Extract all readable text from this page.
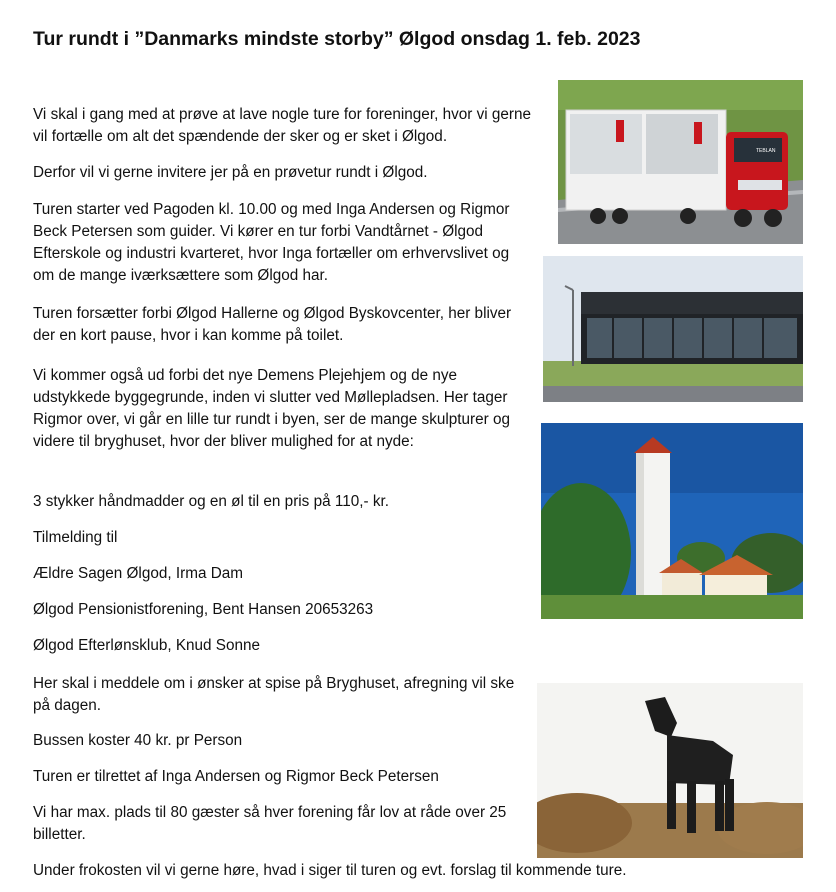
Tur rundt i ”Danmarks mindste storby” Ølgod onsdag 1. feb. 2023

Vi skal i gang med at prøve at lave nogle ture for foreninger, hvor vi gerne vil fortælle om alt det spændende der sker og er sket i Ølgod.

Derfor vil vi gerne invitere jer på en prøvetur rundt i Ølgod.

Turen starter ved Pagoden kl. 10.00 og med Inga Andersen og Rigmor Beck Petersen som guider. Vi kører en tur forbi Vandtårnet - Ølgod Efterskole og industri kvarteret, hvor Inga fortæller om erhvervslivet og om de mange iværksættere som Ølgod har.

Turen forsætter forbi Ølgod Hallerne og Ølgod Byskovcenter, her bliver der en kort pause, hvor i kan komme på toilet.

Vi kommer også ud forbi det nye Demens Plejehjem og de nye udstykkede byggegrunde, inden vi slutter ved Møllepladsen. Her tager Rigmor over, vi går en lille tur rundt i byen, ser de mange skulpturer og videre til bryghuset, hvor der bliver mulighed for at nyde:

3 stykker håndmadder og en øl til en pris på 110,- kr.

Tilmelding til

Ældre Sagen Ølgod, Irma Dam

Ølgod Pensionistforening, Bent Hansen 20653263

Ølgod Efterlønsklub, Knud Sonne

Her skal i meddele om i ønsker at spise på Bryghuset, afregning vil ske på dagen.

Bussen koster 40 kr. pr Person

Turen er tilrettet af Inga Andersen og Rigmor Beck Petersen

Vi har max. plads til 80 gæster så hver forening får lov at råde over 25 billetter.

Under frokosten vil vi gerne høre, hvad i siger til turen og evt. forslag til kommende ture.

TEBLAN
